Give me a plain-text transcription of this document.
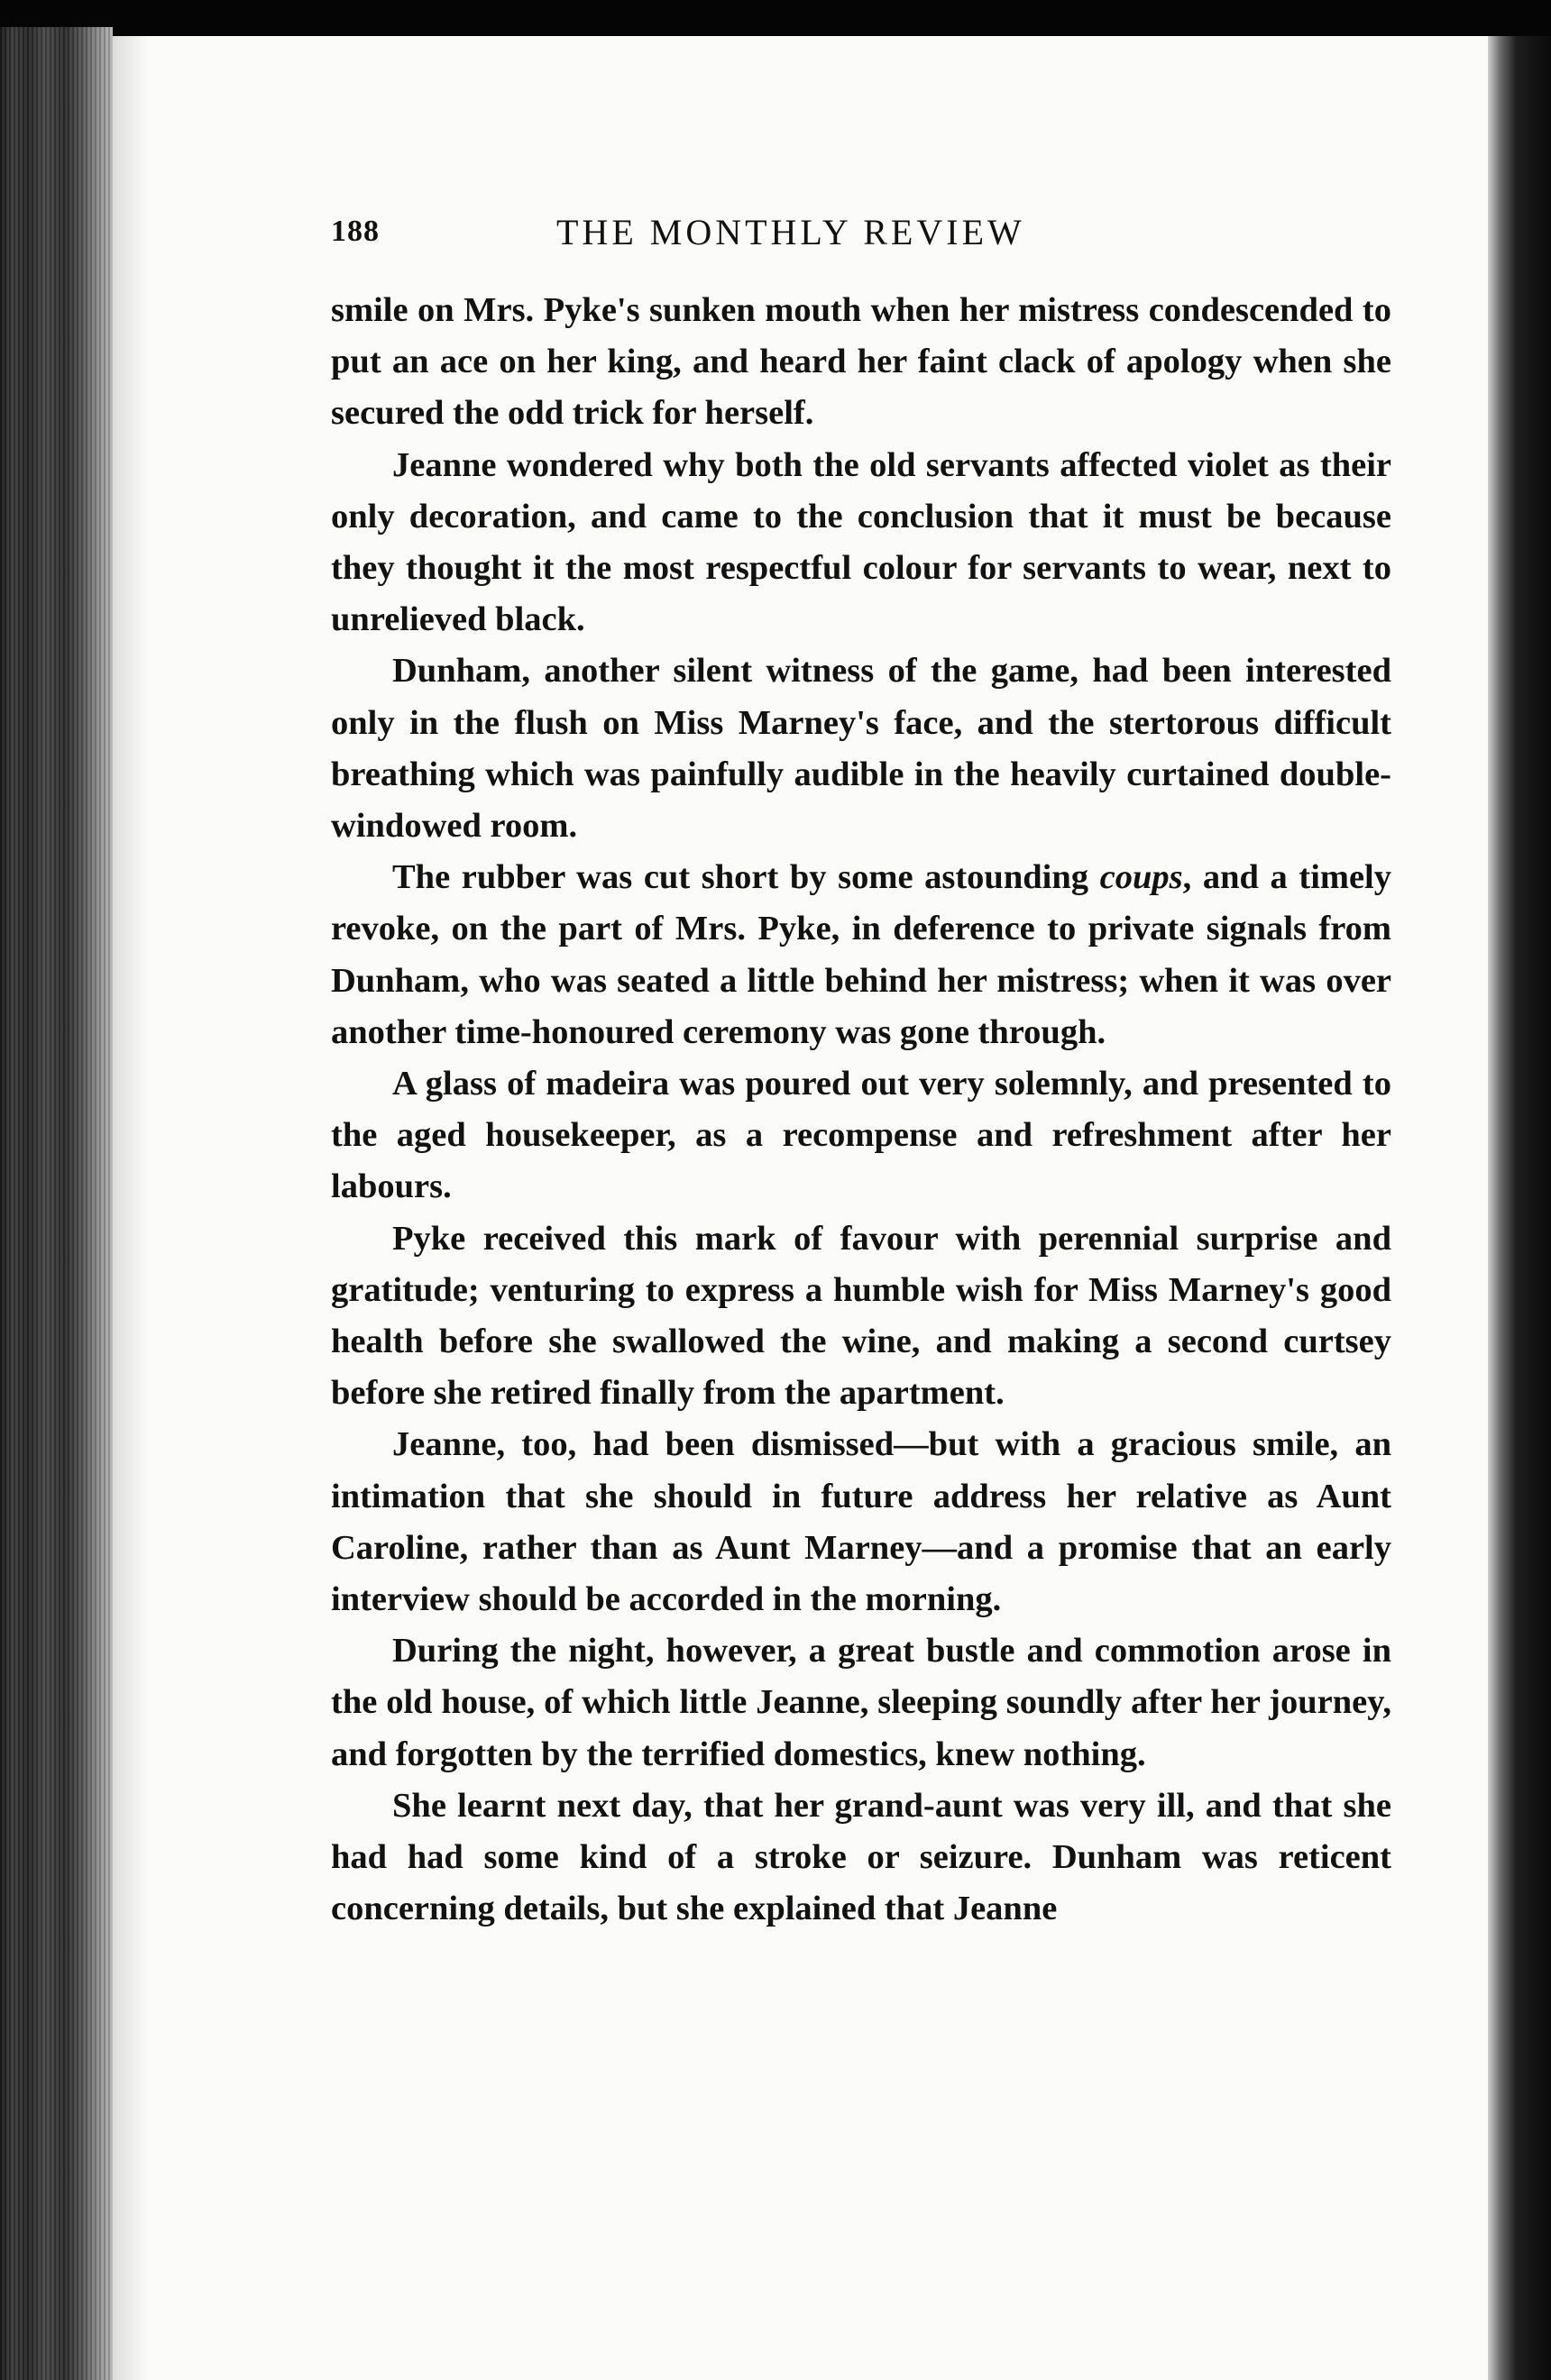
188	THE MONTHLY REVIEW

smile on Mrs. Pyke's sunken mouth when her mistress condescended to put an ace on her king, and heard her faint clack of apology when she secured the odd trick for herself.

Jeanne wondered why both the old servants affected violet as their only decoration, and came to the conclusion that it must be because they thought it the most respectful colour for servants to wear, next to unrelieved black.

Dunham, another silent witness of the game, had been interested only in the flush on Miss Marney's face, and the stertorous difficult breathing which was painfully audible in the heavily curtained double-windowed room.

The rubber was cut short by some astounding coups, and a timely revoke, on the part of Mrs. Pyke, in deference to private signals from Dunham, who was seated a little behind her mistress; when it was over another time-honoured ceremony was gone through.

A glass of madeira was poured out very solemnly, and presented to the aged housekeeper, as a recompense and refreshment after her labours.

Pyke received this mark of favour with perennial surprise and gratitude; venturing to express a humble wish for Miss Marney's good health before she swallowed the wine, and making a second curtsey before she retired finally from the apartment.

Jeanne, too, had been dismissed—but with a gracious smile, an intimation that she should in future address her relative as Aunt Caroline, rather than as Aunt Marney—and a promise that an early interview should be accorded in the morning.

During the night, however, a great bustle and commotion arose in the old house, of which little Jeanne, sleeping soundly after her journey, and forgotten by the terrified domestics, knew nothing.

She learnt next day, that her grand-aunt was very ill, and that she had had some kind of a stroke or seizure. Dunham was reticent concerning details, but she explained that Jeanne
